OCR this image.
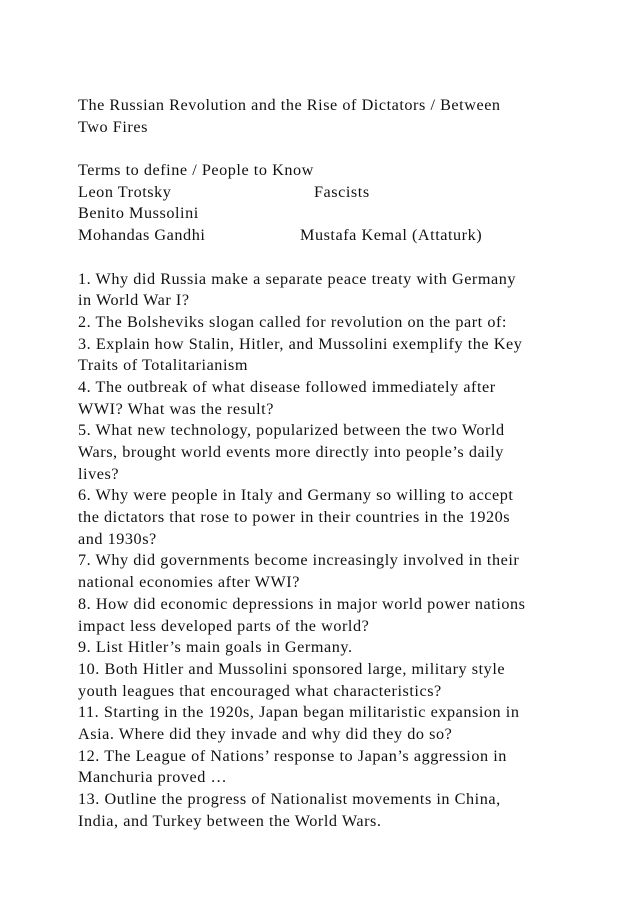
The Russian Revolution and the Rise of Dictators / Between
Two Fires
Terms to define / People to Know
Leon Trotsky	Fascists
Benito Mussolini
Mohandas Gandhi	Mustafa Kemal (Attaturk)
1. Why did Russia make a separate peace treaty with Germany
in World War I?
2. The Bolsheviks slogan called for revolution on the part of:
3. Explain how Stalin, Hitler, and Mussolini exemplify the Key
Traits of Totalitarianism
4. The outbreak of what disease followed immediately after
WWI? What was the result?
5. What new technology, popularized between the two World
Wars, brought world events more directly into people’s daily
lives?
6. Why were people in Italy and Germany so willing to accept
the dictators that rose to power in their countries in the 1920s
and 1930s?
7. Why did governments become increasingly involved in their
national economies after WWI?
8. How did economic depressions in major world power nations
impact less developed parts of the world?
9. List Hitler’s main goals in Germany.
10. Both Hitler and Mussolini sponsored large, military style
youth leagues that encouraged what characteristics?
11. Starting in the 1920s, Japan began militaristic expansion in
Asia. Where did they invade and why did they do so?
12. The League of Nations’ response to Japan’s aggression in
Manchuria proved …
13. Outline the progress of Nationalist movements in China,
India, and Turkey between the World Wars.
